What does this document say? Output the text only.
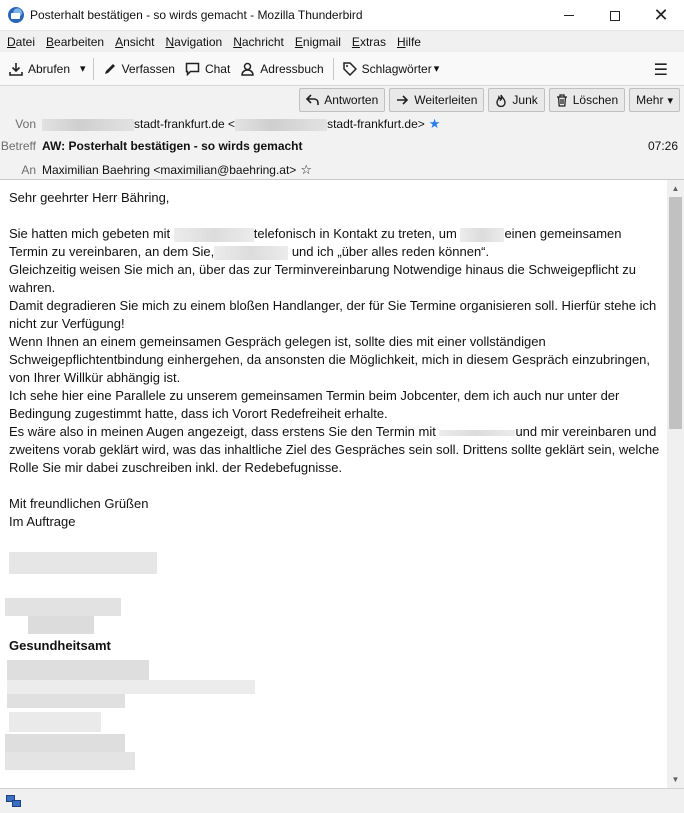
Posterhalt bestätigen - so wirds gemacht - Mozilla Thunderbird	✕
Datei Bearbeiten Ansicht Navigation Nachricht Enigmail Extras Hilfe
Abrufen ▾	Verfassen	Chat	Adressbuch	Schlagwörter ▾	☰
Antworten	Weiterleiten	Junk	Löschen Mehr ▾
Von	stadt-frankfurt.de <	stadt-frankfurt.de> ★
Betreff AW: Posterhalt bestätigen - so wirds gemacht	07:26
An Maximilian Baehring <maximilian@baehring.at> ☆

Sehr geehrter Herr Bähring,

Sie hatten mich gebeten mit	telefonisch in Kontakt zu treten, um	einen gemeinsamen
Termin zu vereinbaren, an dem Sie,	und ich „über alles reden können“.

Gleichzeitig weisen Sie mich an, über das zur Terminvereinbarung Notwendige hinaus die Schweigepflicht zu wahren.

Damit degradieren Sie mich zu einem bloßen Handlanger, der für Sie Termine organisieren soll. Hierfür stehe ich nicht zur Verfügung!

Wenn Ihnen an einem gemeinsamen Gespräch gelegen ist, sollte dies mit einer vollständigen Schweigepflichtentbindung einhergehen, da ansonsten die Möglichkeit, mich in diesem Gespräch einzubringen, von Ihrer Willkür abhängig ist.

Ich sehe hier eine Parallele zu unserem gemeinsamen Termin beim Jobcenter, dem ich auch nur unter der Bedingung zugestimmt hatte, dass ich Vorort Redefreiheit erhalte.

Es wäre also in meinen Augen angezeigt, dass erstens Sie den Termin mit	und mir vereinbaren und zweitens vorab geklärt wird, was das inhaltliche Ziel des Gespräches sein soll. Drittens sollte geklärt sein, welche Rolle Sie mir dabei zuschreiben inkl. der Redebefugnisse.

Mit freundlichen Grüßen

Im Auftrage

Gesundheitsamt
▲
▼
